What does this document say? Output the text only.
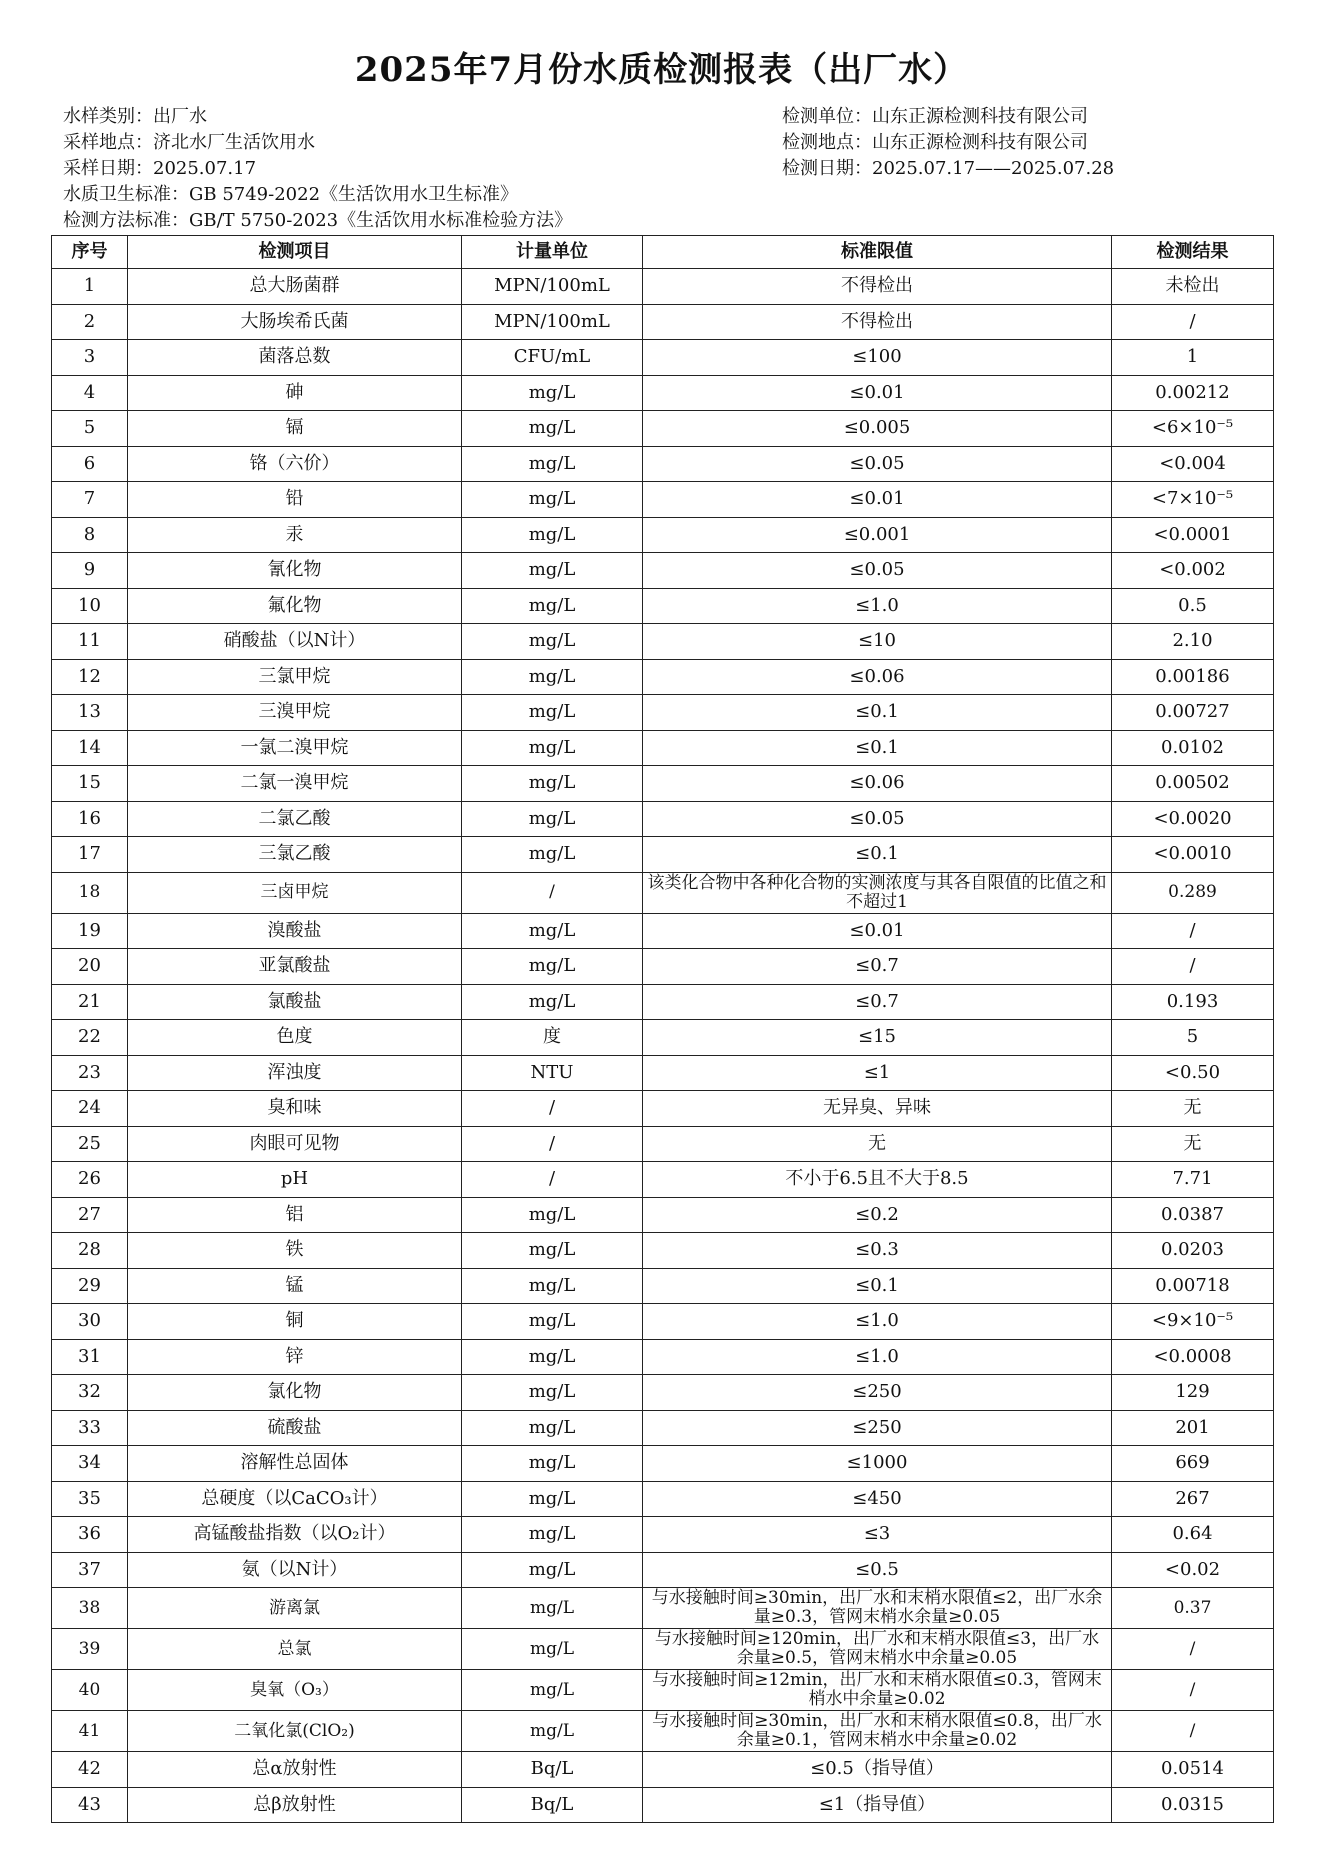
2025年7月份水质检测报表（出厂水）
水样类别：出厂水
采样地点：济北水厂生活饮用水
采样日期：2025.07.17
水质卫生标准：GB 5749-2022《生活饮用水卫生标准》
检测方法标准：GB/T 5750-2023《生活饮用水标准检验方法》
检测单位：山东正源检测科技有限公司
检测地点：山东正源检测科技有限公司
检测日期：2025.07.17——2025.07.28
序号	检测项目	计量单位	标准限值	检测结果
1	总大肠菌群	MPN/100mL	不得检出	未检出
2	大肠埃希氏菌	MPN/100mL	不得检出	/
3	菌落总数	CFU/mL	≤100	1
4	砷	mg/L	≤0.01	0.00212
5	镉	mg/L	≤0.005	<6×10⁻⁵
6	铬（六价）	mg/L	≤0.05	<0.004
7	铅	mg/L	≤0.01	<7×10⁻⁵
8	汞	mg/L	≤0.001	<0.0001
9	氰化物	mg/L	≤0.05	<0.002
10	氟化物	mg/L	≤1.0	0.5
11	硝酸盐（以N计）	mg/L	≤10	2.10
12	三氯甲烷	mg/L	≤0.06	0.00186
13	三溴甲烷	mg/L	≤0.1	0.00727
14	一氯二溴甲烷	mg/L	≤0.1	0.0102
15	二氯一溴甲烷	mg/L	≤0.06	0.00502
16	二氯乙酸	mg/L	≤0.05	<0.0020
17	三氯乙酸	mg/L	≤0.1	<0.0010
18	三卤甲烷	/	该类化合物中各种化合物的实测浓度与其各自限值的比值之和不超过1	0.289
19	溴酸盐	mg/L	≤0.01	/
20	亚氯酸盐	mg/L	≤0.7	/
21	氯酸盐	mg/L	≤0.7	0.193
22	色度	度	≤15	5
23	浑浊度	NTU	≤1	<0.50
24	臭和味	/	无异臭、异味	无
25	肉眼可见物	/	无	无
26	pH	/	不小于6.5且不大于8.5	7.71
27	铝	mg/L	≤0.2	0.0387
28	铁	mg/L	≤0.3	0.0203
29	锰	mg/L	≤0.1	0.00718
30	铜	mg/L	≤1.0	<9×10⁻⁵
31	锌	mg/L	≤1.0	<0.0008
32	氯化物	mg/L	≤250	129
33	硫酸盐	mg/L	≤250	201
34	溶解性总固体	mg/L	≤1000	669
35	总硬度（以CaCO₃计）	mg/L	≤450	267
36	高锰酸盐指数（以O₂计）	mg/L	≤3	0.64
37	氨（以N计）	mg/L	≤0.5	<0.02
38	游离氯	mg/L	与水接触时间≥30min，出厂水和末梢水限值≤2，出厂水余量≥0.3，管网末梢水余量≥0.05	0.37
39	总氯	mg/L	与水接触时间≥120min，出厂水和末梢水限值≤3，出厂水余量≥0.5，管网末梢水中余量≥0.05	/
40	臭氧（O₃）	mg/L	与水接触时间≥12min，出厂水和末梢水限值≤0.3，管网末梢水中余量≥0.02	/
41	二氧化氯(ClO₂)	mg/L	与水接触时间≥30min，出厂水和末梢水限值≤0.8，出厂水余量≥0.1，管网末梢水中余量≥0.02	/
42	总α放射性	Bq/L	≤0.5（指导值）	0.0514
43	总β放射性	Bq/L	≤1（指导值）	0.0315
